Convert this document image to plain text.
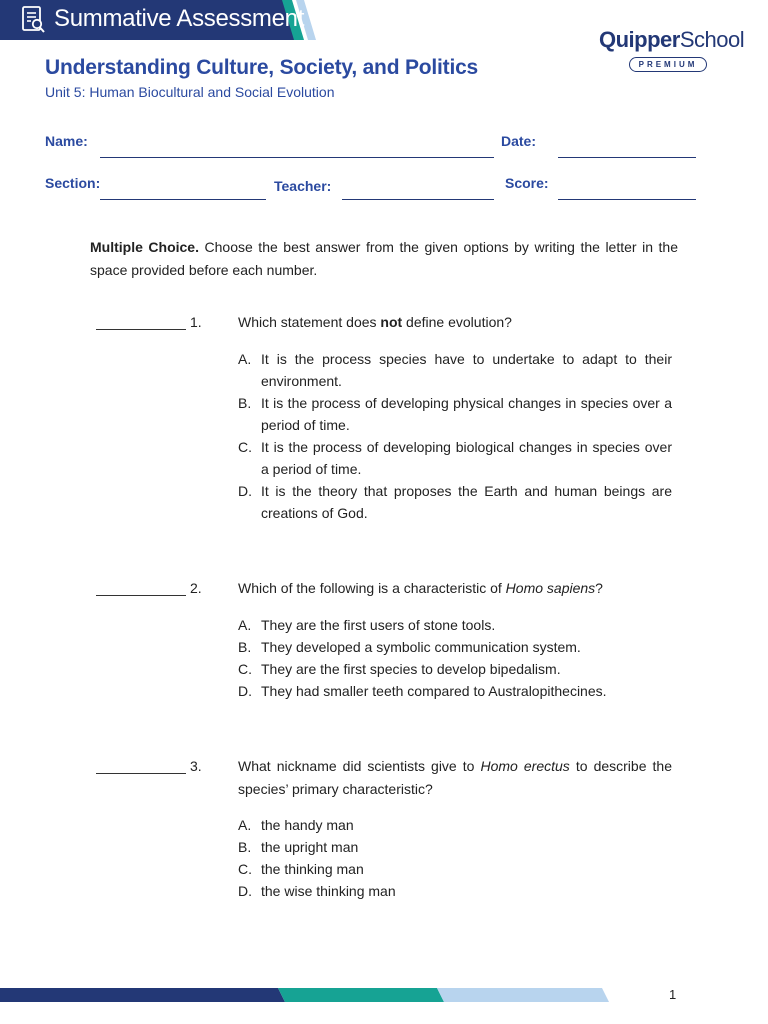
Summative Assessment
QuipperSchool
PREMIUM
Understanding Culture, Society, and Politics
Unit 5: Human Biocultural and Social Evolution
Name:	Date:
Section:	Teacher:	Score:
Multiple Choice. Choose the best answer from the given options by writing the letter in the space provided before each number.
1.	Which statement does not define evolution?
A. It is the process species have to undertake to adapt to their environment.
B. It is the process of developing physical changes in species over a period of time.
C. It is the process of developing biological changes in species over a period of time.
D. It is the theory that proposes the Earth and human beings are creations of God.
2.	Which of the following is a characteristic of Homo sapiens?
A. They are the first users of stone tools.
B. They developed a symbolic communication system.
C. They are the first species to develop bipedalism.
D. They had smaller teeth compared to Australopithecines.
3.	What nickname did scientists give to Homo erectus to describe the species’ primary characteristic?
A. the handy man
B. the upright man
C. the thinking man
D. the wise thinking man
1
